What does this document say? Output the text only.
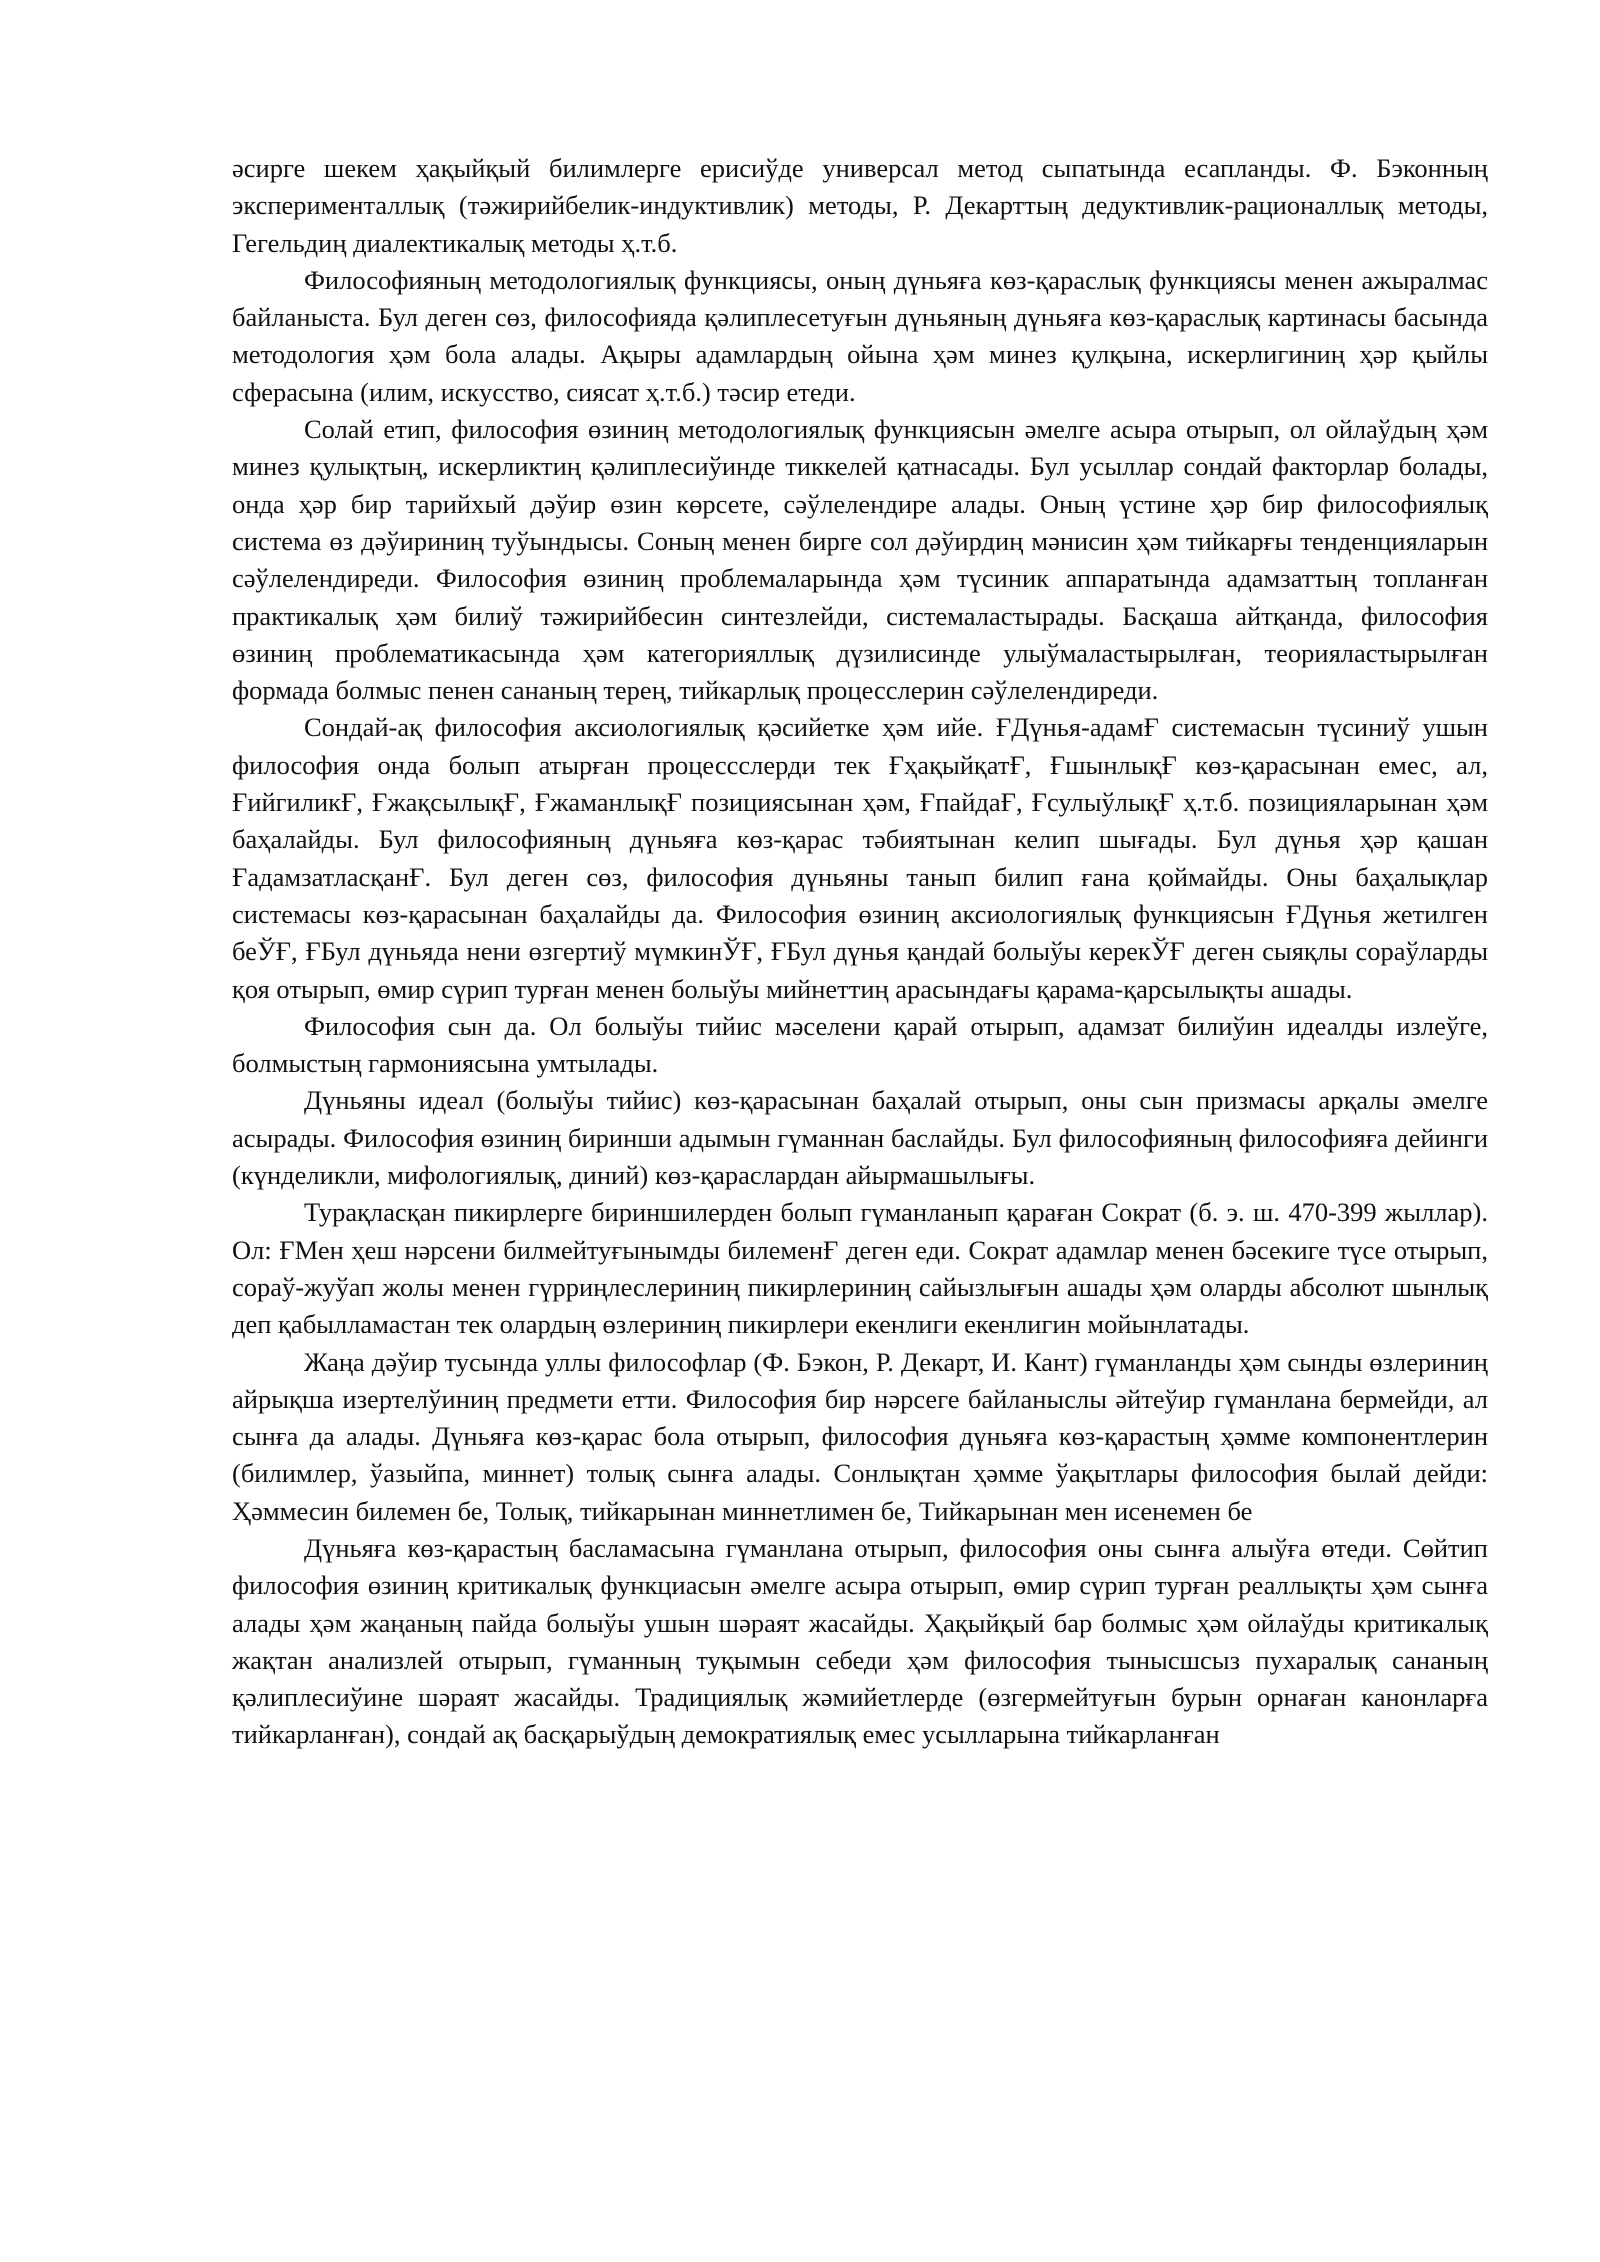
әсирге шекем ҳақыйқый билимлерге ерисиўде универсал метод сыпатында есапланды. Ф. Бэконның эксперименталлық (тәжирийбелик-индуктивлик) методы, Р. Декарттың дедуктивлик-рационаллық методы, Гегельдиң диалектикалық методы ҳ.т.б.

Философияның методологиялық функциясы, оның дүньяға көз-қараслық функциясы менен ажыралмас байланыста. Бул деген сөз, философияда қәлиплесетуғын дүньяның дүньяға көз-қараслық картинасы басында методология ҳәм бола алады. Ақыры адамлардың ойына ҳәм минез қулқына, искерлигиниң ҳәр қыйлы сферасына (илим, искусство, сиясат ҳ.т.б.) тәсир етеди.

Солай етип, философия өзиниң методологиялық функциясын әмелге асыра отырып, ол ойлаўдың ҳәм минез қулықтың, искерликтиң қәлиплесиўинде тиккелей қатнасады. Бул усыллар сондай факторлар болады, онда ҳәр бир тарийхый дәўир өзин көрсете, сәўлелендире алады. Оның үстине ҳәр бир философиялық система өз дәўириниң туўындысы. Соның менен бирге сол дәўирдиң мәнисин ҳәм тийкарғы тенденцияларын сәўлелендиреди. Философия өзиниң проблемаларында ҳәм түсиник аппаратында адамзаттың топланған практикалық ҳәм билиў тәжирийбесин синтезлейди, системаластырады. Басқаша айтқанда, философия өзиниң проблематикасында ҳәм категорияллық дүзилисинде улыўмаластырылған, теорияластырылған формада болмыс пенен сананың терең, тийкарлық процесслерин сәўлелендиреди.

Сондай-ақ философия аксиологиялық қәсийетке ҳәм ийе. ҒДүнья-адамҒ системасын түсиниў ушын философия онда болып атырған процессслерди тек ҒҳақыйқатҒ, ҒшынлықҒ көз-қарасынан емес, ал, ҒийгиликҒ, ҒжақсылықҒ, ҒжаманлықҒ позициясынан ҳәм, ҒпайдаҒ, ҒсулыўлықҒ ҳ.т.б. позицияларынан ҳәм баҳалайды. Бул философияның дүньяға көз-қарас тәбиятынан келип шығады. Бул дүнья ҳәр қашан ҒадамзатласқанҒ. Бул деген сөз, философия дүньяны танып билип ғана қоймайды. Оны баҳалықлар системасы көз-қарасынан баҳалайды да. Философия өзиниң аксиологиялық функциясын ҒДүнья жетилген беЎҒ, ҒБул дүньяда нени өзгертиў мүмкинЎҒ, ҒБул дүнья қандай болыўы керекЎҒ деген сыяқлы сораўларды қоя отырып, өмир сүрип турған менен болыўы мийнеттиң арасындағы қарама-қарсылықты ашады.

Философия сын да. Ол болыўы тийис мәселени қарай отырып, адамзат билиўин идеалды излеўге, болмыстың гармониясына умтылады.

Дүньяны идеал (болыўы тийис) көз-қарасынан баҳалай отырып, оны сын призмасы арқалы әмелге асырады. Философия өзиниң биринши адымын гүманнан баслайды. Бул философияның философияға дейинги (күнделикли, мифологиялық, диний) көз-қараслардан айырмашылығы.

Турақласқан пикирлерге бириншилерден болып гүманланып қараған Сократ (б. э. ш. 470-399 жыллар). Ол: ҒМен ҳеш нәрсени билмейтуғынымды билеменҒ деген еди. Сократ адамлар менен бәсекиге түсе отырып, сораў-жуўап жолы менен гүрриңлеслериниң пикирлериниң сайызлығын ашады ҳәм оларды абсолют шынлық деп қабылламастан тек олардың өзлериниң пикирлери екенлиги екенлигин мойынлатады.

Жаңа дәўир тусында уллы философлар (Ф. Бэкон, Р. Декарт, И. Кант) гүманланды ҳәм сынды өзлериниң айрықша изертелўиниң предмети етти. Философия бир нәрсеге байланыслы әйтеўир гүманлана бермейди, ал сынға да алады. Дүньяға көз-қарас бола отырып, философия дүньяға көз-қарастың ҳәмме компонентлерин (билимлер, ўазыйпа, миннет) толық сынға алады. Сонлықтан ҳәмме ўақытлары философия былай дейди: Ҳәммесин билемен бе, Толық, тийкарынан миннетлимен бе, Тийкарынан мен исенемен бе

Дүньяға көз-қарастың басламасына гүманлана отырып, философия оны сынға алыўға өтеди. Сөйтип философия өзиниң критикалық функциасын әмелге асыра отырып, өмир сүрип турған реаллықты ҳәм сынға алады ҳәм жаңаның пайда болыўы ушын шәраят жасайды. Ҳақыйқый бар болмыс ҳәм ойлаўды критикалық жақтан анализлей отырып, гүманның туқымын себеди ҳәм философия тынысшсыз пухаралық сананың қәлиплесиўине шәраят жасайды. Традициялық жәмийетлерде (өзгермейтуғын бурын орнаған канонларға тийкарланған), сондай ақ басқарыўдың демократиялық емес усылларына тийкарланған
